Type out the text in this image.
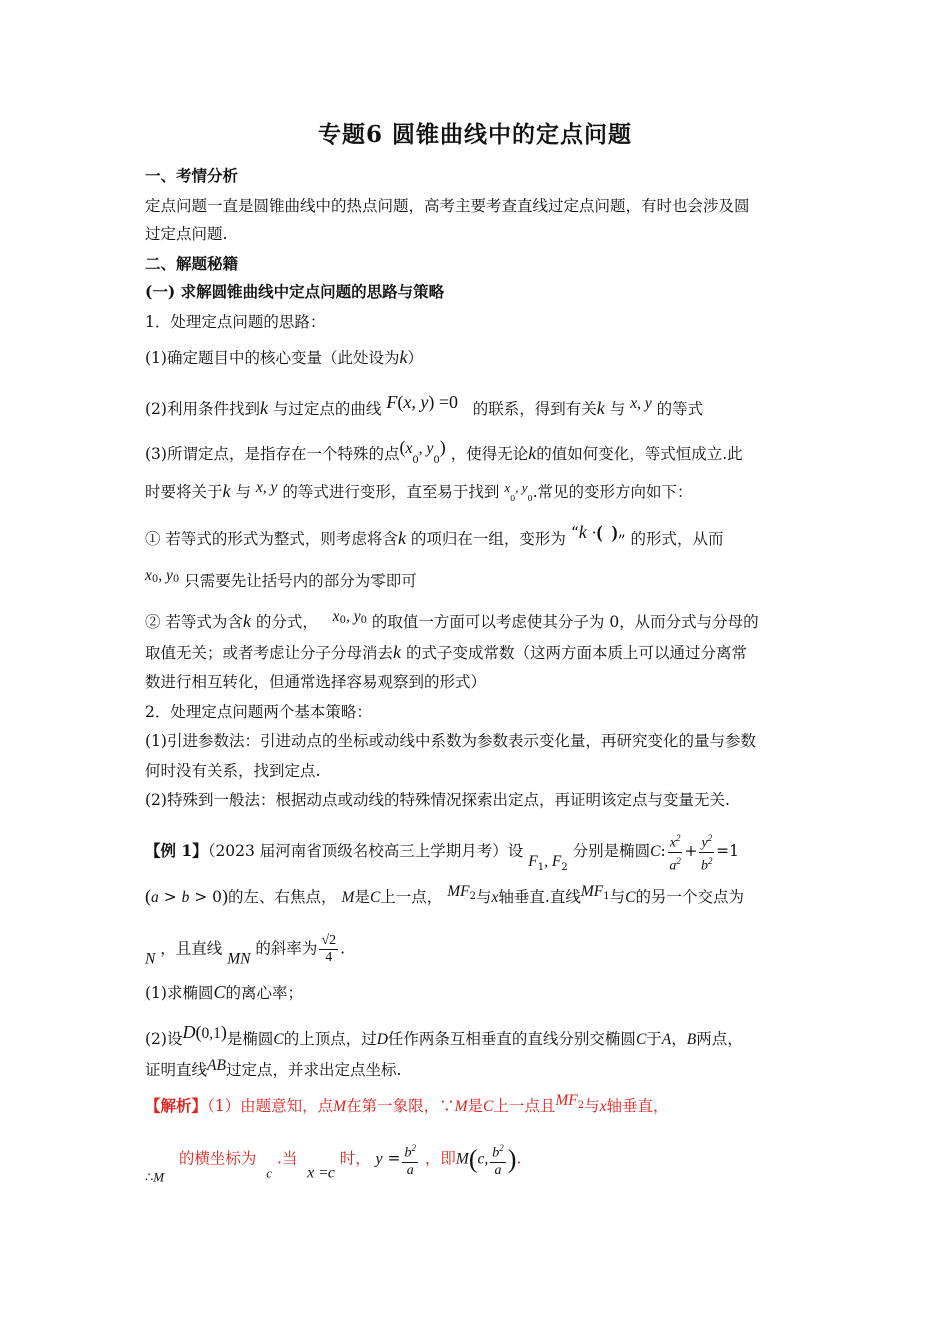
专题6 圆锥曲线中的定点问题
一、考情分析
定点问题一直是圆锥曲线中的热点问题，高考主要考查直线过定点问题，有时也会涉及圆
过定点问题.
二、解题秘籍
(一) 求解圆锥曲线中定点问题的思路与策略
1．处理定点问题的思路：
(1)确定题目中的核心变量（此处设为k）
(2)利用条件找到k 与过定点的曲线 F(x, y) =0 的联系，得到有关k 与 x, y 的等式
(3)所谓定点，是指存在一个特殊的点($x_0$, $y_0$) ，使得无论k的值如何变化，等式恒成立.此
时要将关于k 与 x, y 的等式进行变形，直至易于找到 $^x_0^{, y}_0$.常见的变形方向如下：
① 若等式的形式为整式，则考虑将含k 的项归在一组，变形为 “k ·(  )” 的形式，从而
$x^0$, $y^0$ 只需要先让括号内的部分为零即可
② 若等式为含k 的分式， $x^0$, $y^0$ 的取值一方面可以考虑使其分子为 0，从而分式与分母的
取值无关；或者考虑让分子分母消去k 的式子变成常数（这两方面本质上可以通过分离常
数进行相互转化，但通常选择容易观察到的形式）
2．处理定点问题两个基本策略：
(1)引进参数法：引进动点的坐标或动线中系数为参数表示变化量，再研究变化的量与参数
何时没有关系，找到定点.
(2)特殊到一般法：根据动点或动线的特殊情况探索出定点，再证明该定点与变量无关.
【例 1】（2023 届河南省顶级名校高三上学期月考）设 $F_1$, $F_2$ 分别是椭圆C: $\frac{x^2}{a^2} + \frac{y^2}{b^2} =1$
(a > b > 0)的左、右焦点， M是C上一点， $MF^2$与x轴垂直.直线$MF^1$与C的另一个交点为
N ，且直线 MN 的斜率为 $\frac{√2}{4}$ .
(1)求椭圆C的离心率；
(2)设D(0,1)是椭圆C的上顶点，过D任作两条互相垂直的直线分别交椭圆C于A，B两点，
证明直线AB过定点，并求出定点坐标.
【解析】（1）由题意知，点M在第一象限，∵M是C上一点且$MF^2$与x轴垂直，
$_{\therefore M}$   的横坐标为  $_c$ .当  x =c 时， $y = \frac{b^2}{a}$ ，即M(c, $\frac{b^2}{a}$ ).
